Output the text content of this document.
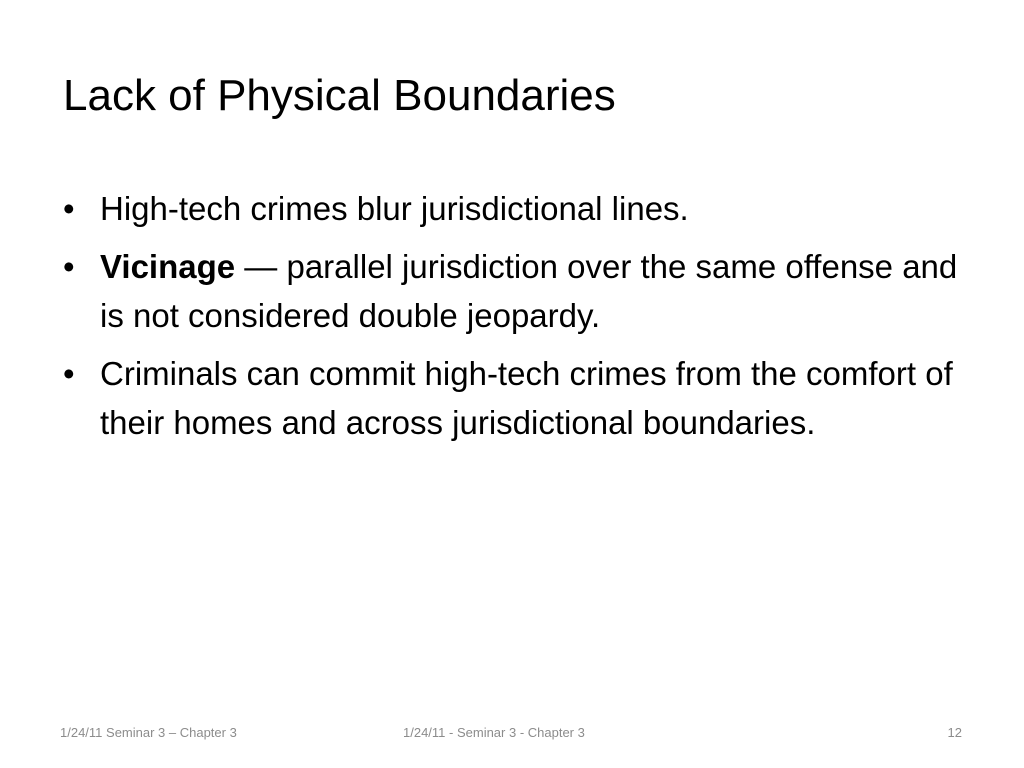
Lack of Physical Boundaries
• High-tech crimes blur jurisdictional lines.
• Vicinage — parallel jurisdiction over the same offense and is not considered double jeopardy.
• Criminals can commit high-tech crimes from the comfort of their homes and across jurisdictional boundaries.
1/24/11 Seminar 3 – Chapter 3	1/24/11 - Seminar 3 - Chapter 3	12
